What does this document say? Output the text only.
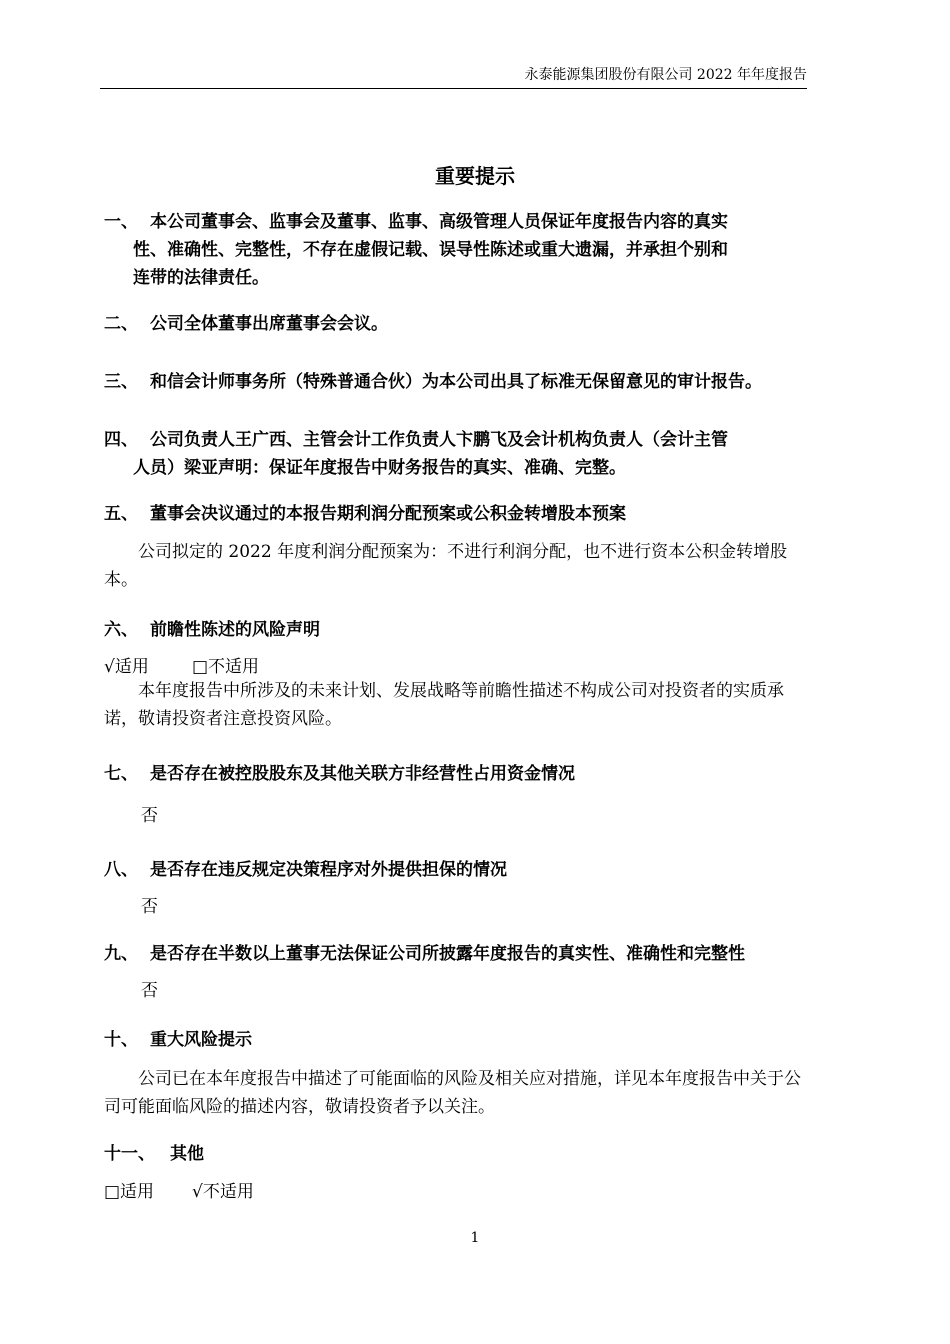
永泰能源集团股份有限公司 2022 年年度报告
重要提示
一、 本公司董事会、监事会及董事、监事、高级管理人员保证年度报告内容的真实
性、准确性、完整性，不存在虚假记载、误导性陈述或重大遗漏，并承担个别和
连带的法律责任。
二、 公司全体董事出席董事会会议。
三、 和信会计师事务所（特殊普通合伙）为本公司出具了标准无保留意见的审计报告。
四、 公司负责人王广西、主管会计工作负责人卞鹏飞及会计机构负责人（会计主管
人员）梁亚声明：保证年度报告中财务报告的真实、准确、完整。
五、 董事会决议通过的本报告期利润分配预案或公积金转增股本预案
公司拟定的 2022 年度利润分配预案为：不进行利润分配，也不进行资本公积金转增股本。
六、 前瞻性陈述的风险声明
√适用	□不适用
本年度报告中所涉及的未来计划、发展战略等前瞻性描述不构成公司对投资者的实质承诺，敬请投资者注意投资风险。
七、 是否存在被控股股东及其他关联方非经营性占用资金情况
否
八、 是否存在违反规定决策程序对外提供担保的情况
否
九、 是否存在半数以上董事无法保证公司所披露年度报告的真实性、准确性和完整性
否
十、 重大风险提示
公司已在本年度报告中描述了可能面临的风险及相关应对措施，详见本年度报告中关于公司可能面临风险的描述内容，敬请投资者予以关注。
十一、 其他
□适用 √不适用
1
